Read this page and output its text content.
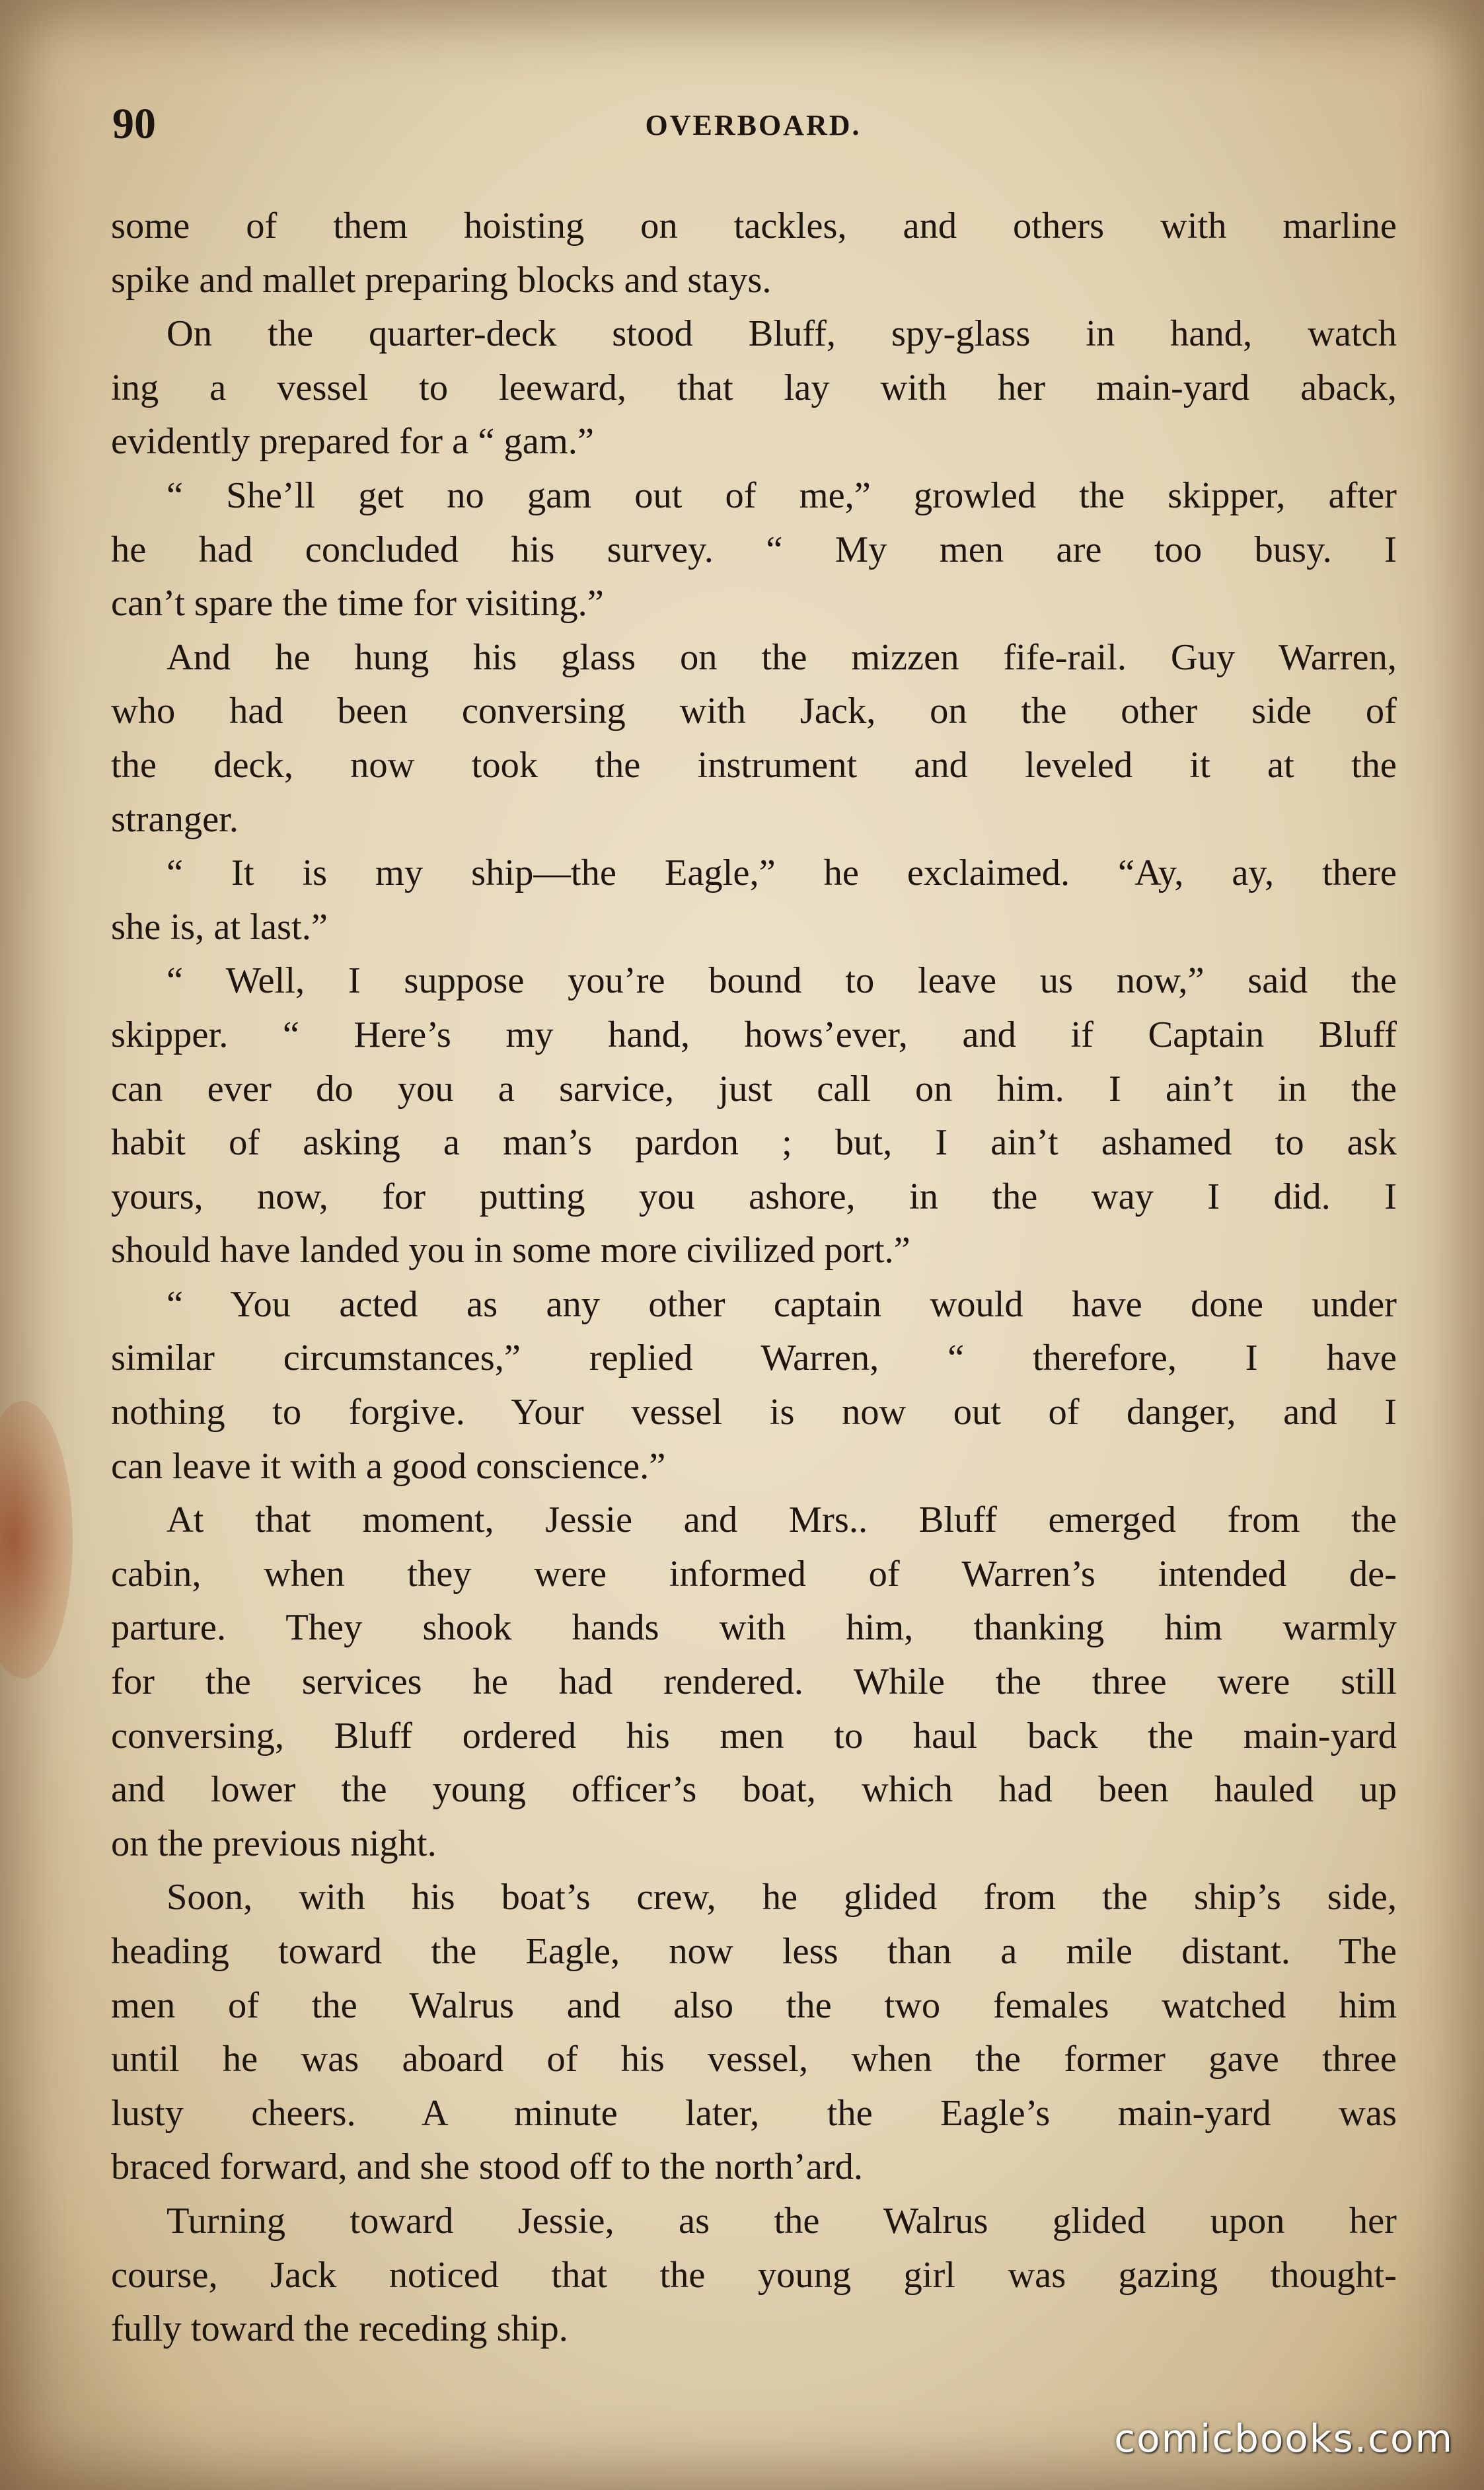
90	OVERBOARD.
some of them hoisting on tackles, and others with marline
spike and mallet preparing blocks and stays.
On the quarter-deck stood Bluff, spy-glass in hand, watch
ing a vessel to leeward, that lay with her main-yard aback,
evidently prepared for a “ gam.”
“ She’ll get no gam out of me,” growled the skipper, after
he had concluded his survey. “ My men are too busy. I
can’t spare the time for visiting.”
And he hung his glass on the mizzen fife-rail. Guy Warren,
who had been conversing with Jack, on the other side of
the deck, now took the instrument and leveled it at the
stranger.
“ It is my ship—the Eagle,” he exclaimed. “Ay, ay, there
she is, at last.”
“ Well, I suppose you’re bound to leave us now,” said the
skipper. “ Here’s my hand, hows’ever, and if Captain Bluff
can ever do you a sarvice, just call on him. I ain’t in the
habit of asking a man’s pardon ; but, I ain’t ashamed to ask
yours, now, for putting you ashore, in the way I did. I
should have landed you in some more civilized port.”
“ You acted as any other captain would have done under
similar circumstances,” replied Warren, “ therefore, I have
nothing to forgive. Your vessel is now out of danger, and I
can leave it with a good conscience.”
At that moment, Jessie and Mrs.. Bluff emerged from the
cabin, when they were informed of Warren’s intended de-
parture. They shook hands with him, thanking him warmly
for the services he had rendered. While the three were still
conversing, Bluff ordered his men to haul back the main-yard
and lower the young officer’s boat, which had been hauled up
on the previous night.
Soon, with his boat’s crew, he glided from the ship’s side,
heading toward the Eagle, now less than a mile distant. The
men of the Walrus and also the two females watched him
until he was aboard of his vessel, when the former gave three
lusty cheers. A minute later, the Eagle’s main-yard was
braced forward, and she stood off to the north’ard.
Turning toward Jessie, as the Walrus glided upon her
course, Jack noticed that the young girl was gazing thought-
fully toward the receding ship.
comicbooks.com
